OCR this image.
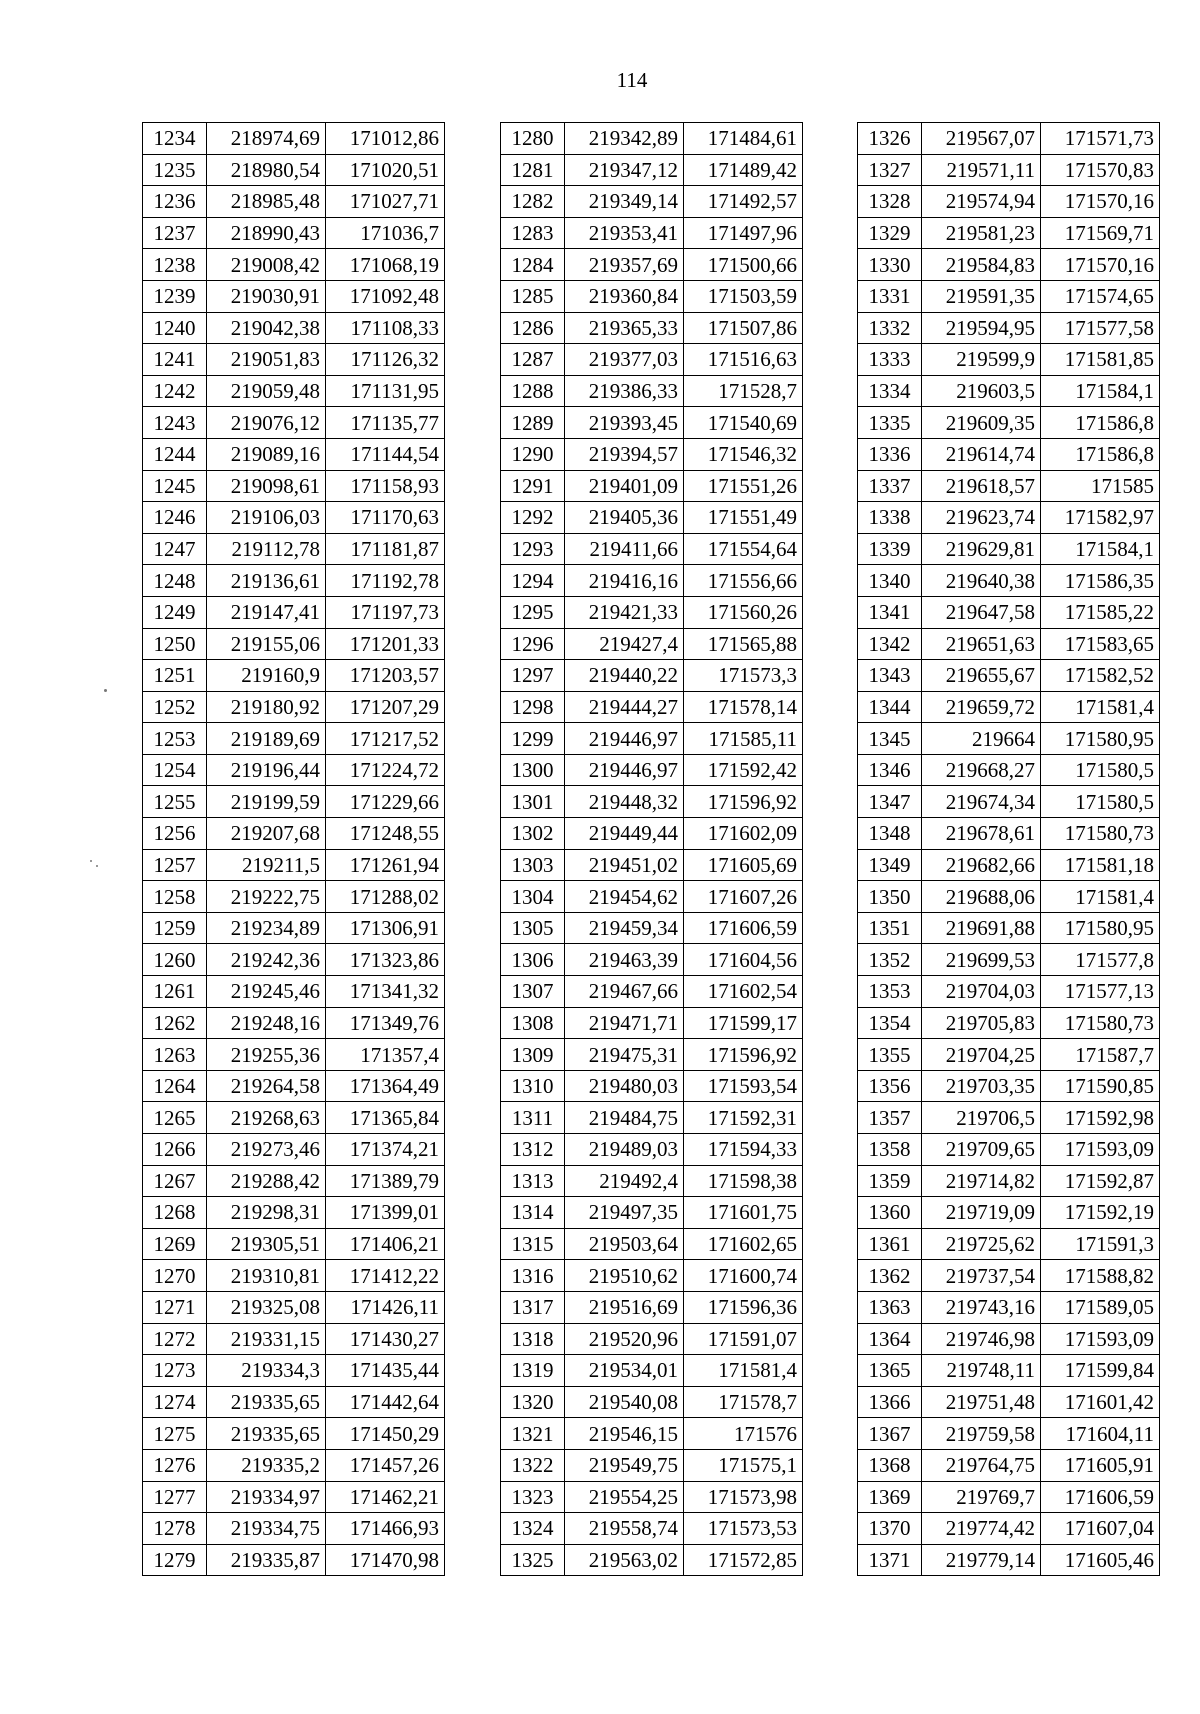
114
1234	218974,69	171012,86
1235	218980,54	171020,51
1236	218985,48	171027,71
1237	218990,43	171036,7
1238	219008,42	171068,19
1239	219030,91	171092,48
1240	219042,38	171108,33
1241	219051,83	171126,32
1242	219059,48	171131,95
1243	219076,12	171135,77
1244	219089,16	171144,54
1245	219098,61	171158,93
1246	219106,03	171170,63
1247	219112,78	171181,87
1248	219136,61	171192,78
1249	219147,41	171197,73
1250	219155,06	171201,33
1251	219160,9	171203,57
1252	219180,92	171207,29
1253	219189,69	171217,52
1254	219196,44	171224,72
1255	219199,59	171229,66
1256	219207,68	171248,55
1257	219211,5	171261,94
1258	219222,75	171288,02
1259	219234,89	171306,91
1260	219242,36	171323,86
1261	219245,46	171341,32
1262	219248,16	171349,76
1263	219255,36	171357,4
1264	219264,58	171364,49
1265	219268,63	171365,84
1266	219273,46	171374,21
1267	219288,42	171389,79
1268	219298,31	171399,01
1269	219305,51	171406,21
1270	219310,81	171412,22
1271	219325,08	171426,11
1272	219331,15	171430,27
1273	219334,3	171435,44
1274	219335,65	171442,64
1275	219335,65	171450,29
1276	219335,2	171457,26
1277	219334,97	171462,21
1278	219334,75	171466,93
1279	219335,87	171470,98
1280	219342,89	171484,61
1281	219347,12	171489,42
1282	219349,14	171492,57
1283	219353,41	171497,96
1284	219357,69	171500,66
1285	219360,84	171503,59
1286	219365,33	171507,86
1287	219377,03	171516,63
1288	219386,33	171528,7
1289	219393,45	171540,69
1290	219394,57	171546,32
1291	219401,09	171551,26
1292	219405,36	171551,49
1293	219411,66	171554,64
1294	219416,16	171556,66
1295	219421,33	171560,26
1296	219427,4	171565,88
1297	219440,22	171573,3
1298	219444,27	171578,14
1299	219446,97	171585,11
1300	219446,97	171592,42
1301	219448,32	171596,92
1302	219449,44	171602,09
1303	219451,02	171605,69
1304	219454,62	171607,26
1305	219459,34	171606,59
1306	219463,39	171604,56
1307	219467,66	171602,54
1308	219471,71	171599,17
1309	219475,31	171596,92
1310	219480,03	171593,54
1311	219484,75	171592,31
1312	219489,03	171594,33
1313	219492,4	171598,38
1314	219497,35	171601,75
1315	219503,64	171602,65
1316	219510,62	171600,74
1317	219516,69	171596,36
1318	219520,96	171591,07
1319	219534,01	171581,4
1320	219540,08	171578,7
1321	219546,15	171576
1322	219549,75	171575,1
1323	219554,25	171573,98
1324	219558,74	171573,53
1325	219563,02	171572,85
1326	219567,07	171571,73
1327	219571,11	171570,83
1328	219574,94	171570,16
1329	219581,23	171569,71
1330	219584,83	171570,16
1331	219591,35	171574,65
1332	219594,95	171577,58
1333	219599,9	171581,85
1334	219603,5	171584,1
1335	219609,35	171586,8
1336	219614,74	171586,8
1337	219618,57	171585
1338	219623,74	171582,97
1339	219629,81	171584,1
1340	219640,38	171586,35
1341	219647,58	171585,22
1342	219651,63	171583,65
1343	219655,67	171582,52
1344	219659,72	171581,4
1345	219664	171580,95
1346	219668,27	171580,5
1347	219674,34	171580,5
1348	219678,61	171580,73
1349	219682,66	171581,18
1350	219688,06	171581,4
1351	219691,88	171580,95
1352	219699,53	171577,8
1353	219704,03	171577,13
1354	219705,83	171580,73
1355	219704,25	171587,7
1356	219703,35	171590,85
1357	219706,5	171592,98
1358	219709,65	171593,09
1359	219714,82	171592,87
1360	219719,09	171592,19
1361	219725,62	171591,3
1362	219737,54	171588,82
1363	219743,16	171589,05
1364	219746,98	171593,09
1365	219748,11	171599,84
1366	219751,48	171601,42
1367	219759,58	171604,11
1368	219764,75	171605,91
1369	219769,7	171606,59
1370	219774,42	171607,04
1371	219779,14	171605,46
